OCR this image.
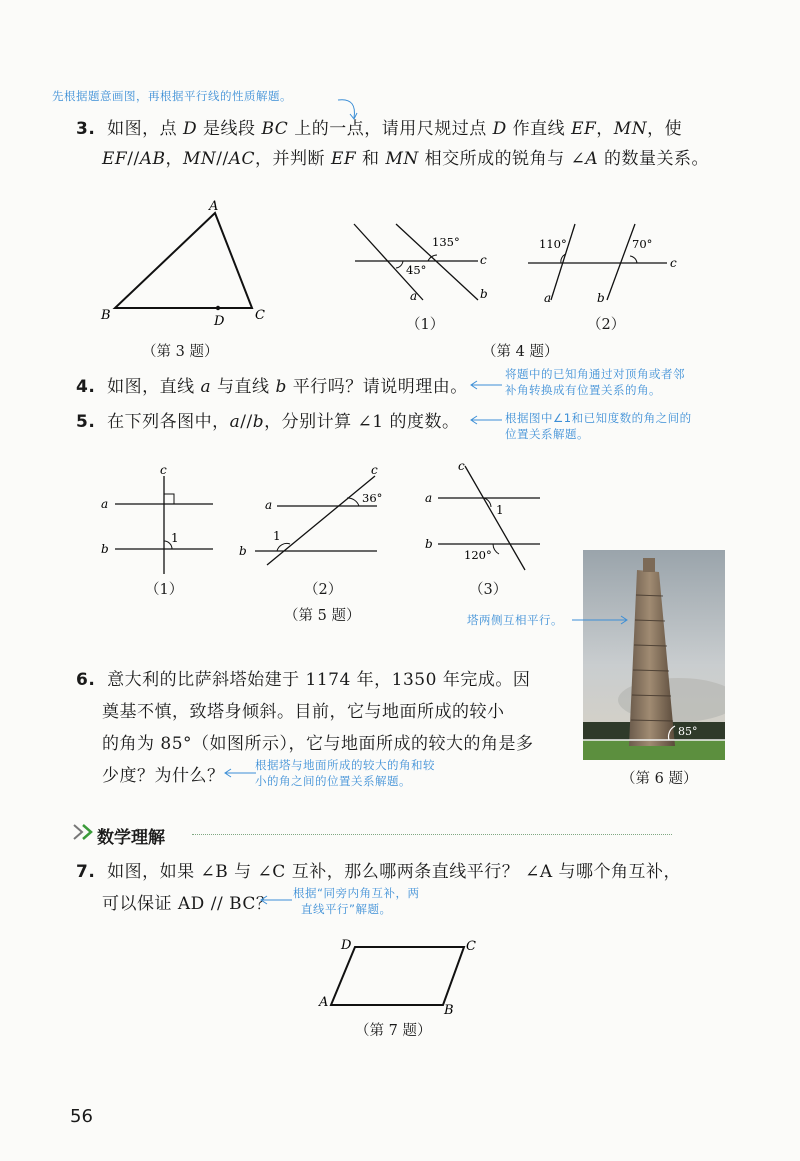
先根据题意画图，再根据平行线的性质解题。
3. 如图，点 D 是线段 BC 上的一点，请用尺规过点 D 作直线 EF，MN，使
EF//AB，MN//AC，并判断 EF 和 MN 相交所成的锐角与 ∠A 的数量关系。
A
B	C
D
（第 3 题）
135°
45°
c
a	b
（1）
110°	70°
c
a	b
（2）
（第 4 题）
4. 如图，直线 a 与直线 b 平行吗？请说明理由。
将题中的已知角通过对顶角或者邻
补角转换成有位置关系的角。
5. 在下列各图中，a//b，分别计算 ∠1 的度数。	根据图中∠1和已知度数的角之间的
位置关系解题。
c
a
b
1
（1）
c
a
b
1
36°
（2）
（第 5 题）
c
a
b
1
120°
（3）
85°
塔两侧互相平行。
（第 6 题）
6. 意大利的比萨斜塔始建于 1174 年，1350 年完成。因
奠基不慎，致塔身倾斜。目前，它与地面所成的较小
的角为 85°（如图所示），它与地面所成的较大的角是多
少度？为什么？
根据塔与地面所成的较大的角和较
小的角之间的位置关系解题。
数学理解
7. 如图，如果 ∠B 与 ∠C 互补，那么哪两条直线平行？ ∠A 与哪个角互补，
可以保证 AD // BC？
根据“同旁内角互补，两
直线平行”解题。
D	C
A
B
（第 7 题）
56
